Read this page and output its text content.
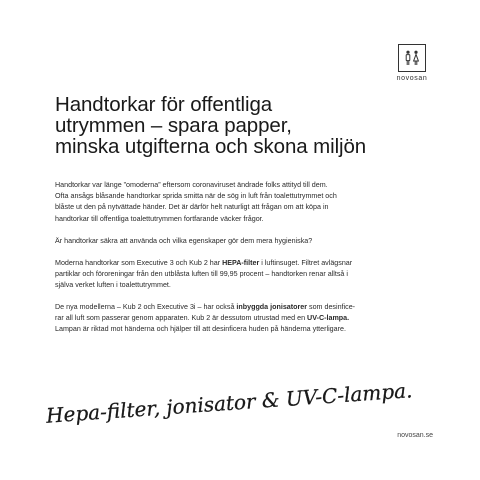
novosan
Handtorkar för offentliga
utrymmen – spara papper,
minska utgifterna och skona miljön

Handtorkar var länge ”omoderna” eftersom coronaviruset ändrade folks attityd till dem.
Ofta ansågs blåsande handtorkar sprida smitta när de sög in luft från toalettutrymmet och
blåste ut den på nytvättade händer. Det är därför helt naturligt att frågan om att köpa in
handtorkar till offentliga toalettutrymmen fortfarande väcker frågor.

Är handtorkar säkra att använda och vilka egenskaper gör dem mera hygieniska?

Moderna handtorkar som Executive 3 och Kub 2 har HEPA-filter i luftinsuget. Filtret avlägsnar
partiklar och föroreningar från den utblåsta luften till 99,95 procent – handtorken renar alltså i
själva verket luften i toalettutrymmet.

De nya modellerna – Kub 2 och Executive 3i – har också inbyggda jonisatorer som desinfice-
rar all luft som passerar genom apparaten. Kub 2 är dessutom utrustad med en UV-C-lampa.
Lampan är riktad mot händerna och hjälper till att desinficera huden på händerna ytterligare.

Hepa-filter, jonisator & UV-C-lampa.
novosan.se
